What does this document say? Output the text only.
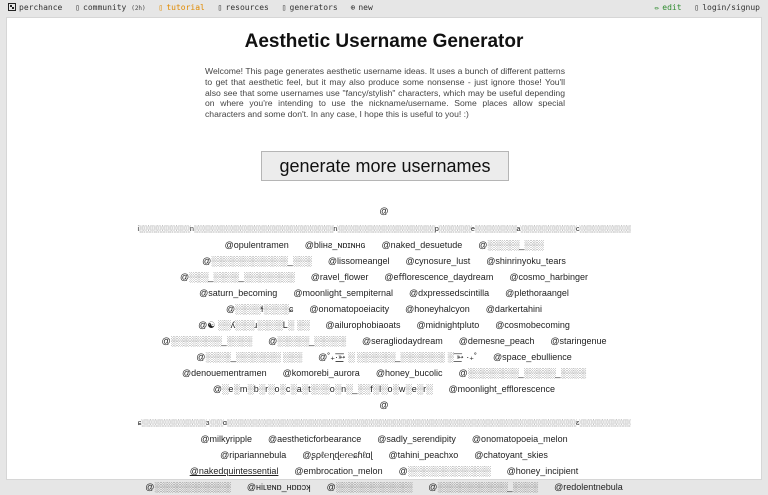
perchance ▯ community (2h) ▯ tutorial ▯ resources ▯ generators ⊕ new	✏ edit ▯ login/signup
Aesthetic Username Generator
Welcome! This page generates aesthetic username ideas. It uses a bunch of different patterns to get that aesthetic feel, but it may also produce some nonsense - just ignore those! You'll also see that some usernames use "fancy/stylish" characters, which may be useful depending on where you're intending to use the nickname/username. Some places allow special characters and some don't. In any case, I hope this is useful to you! :)
generate more usernames
@
i░░░░░░░░░░░n░░░░░░░░░░░░░░░░░░░░░░░░░░░░░░n░░░░░░░░░░░░░░░░░░░░░p░░░░░░░e░░░░░░░░░a░░░░░░░░░░░░c░░░░░░░░░░░
@opulentramen @bliʜƨ_ɴɒɪɴʜɢ @naked_desuetude @░░░░░_░░░
@░░░░░░░░░░░░_░░░ @lissomeangel @cynosure_lust @shinrinyoku_tears
@░░░_░░░░_░░░░░░░░ @ravel_flower @eﬀlorescence_daydream @cosmo_harbinger
@saturn_becoming @moonlight_sempiternal @dxpressedscintilla @plethoraangel
@░░░░ɬ░░░░ɕ @onomatopoeiacity @honeyhalcyon @darkertahini
@☯ ░░ʎ░░░ɹ░░░░L░ ░░ @ailurophobiaoats @midnightpluto @cosmobecoming
@░░░░░░░░_░░░░ @░░░░░_░░░░░ @seragliodaydream @demesne_peach @staringenue
@░░░░_░░░░░░░ ░░░ @˚₊·͟͟͟͟͟͞͞➳ ░ ░░░░░░_░░░░░░░ ░ ͟͟͞➳ ·₊˚ @space_ebullience
@denouementramen @komorebi_aurora @honey_bucolic @░░░░░░░░_░░░░░_░░░░
@░e░m░b░r░o░c░a░t░░░o░n░_░░f░l░o░w░e░r░ @moonlight_efflorescence
@
ɕ░░░░░░░░░░░░░░ɜ░░░ɑ░░░░░░░░░░░░░░░░░░░░░░░░░░░░░░░░░░░░░░░░░░░░░░░░░░░░░░░░░░░░░░░░░░░░░░░░░░░ɛ░░░░░░░░░░░
@milkyripple @aestheticforbearance @sadly_serendipity @onomatopoeia_melon
@ripariannebula @ʂρℓ℮ɳɖ℮ɾ℮ɕɦℓɑɭ @tahini_peachxo @chatoyant_skies
@nakedquintessential @embrocation_melon @░░░░░░░░░░░░░ @honey_incipient
@░░░░░░░░░░░░ @ʜiʟɐɴɒ_ʜɒɒɔʞ @░░░░░░░░░░░░ @░░░░░░░░░░░_░░░░ @redolentnebula
